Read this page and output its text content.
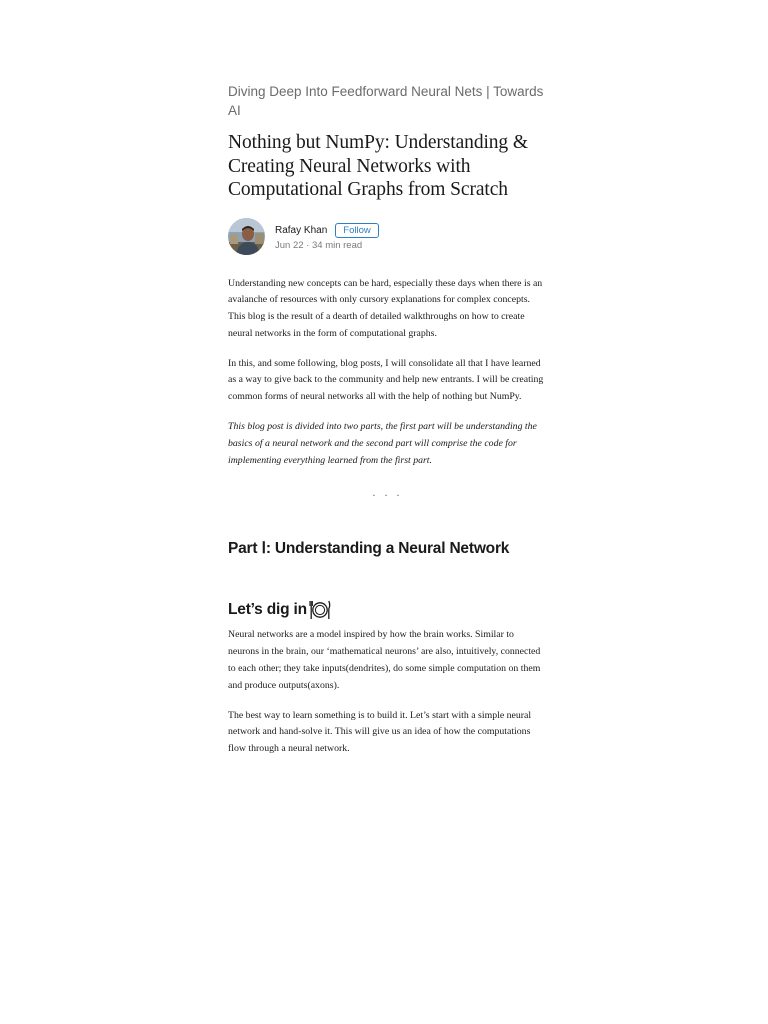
Diving Deep Into Feedforward Neural Nets | Towards AI

Nothing but NumPy: Understanding & Creating Neural Networks with Computational Graphs from Scratch
Rafay Khan	Follow
Jun 22 · 34 min read

Understanding new concepts can be hard, especially these days when there is an avalanche of resources with only cursory explanations for complex concepts. This blog is the result of a dearth of detailed walkthroughs on how to create neural networks in the form of computational graphs.

In this, and some following, blog posts, I will consolidate all that I have learned as a way to give back to the community and help new entrants. I will be creating common forms of neural networks all with the help of nothing but NumPy.

This blog post is divided into two parts, the first part will be understanding the basics of a neural network and the second part will comprise the code for implementing everything learned from the first part.

...
Part Ⅰ: Understanding a Neural Network
Let’s dig in

Neural networks are a model inspired by how the brain works. Similar to neurons in the brain, our ‘mathematical neurons’ are also, intuitively, connected to each other; they take inputs(dendrites), do some simple computation on them and produce outputs(axons).

The best way to learn something is to build it. Let’s start with a simple neural network and hand-solve it. This will give us an idea of how the computations flow through a neural network.
